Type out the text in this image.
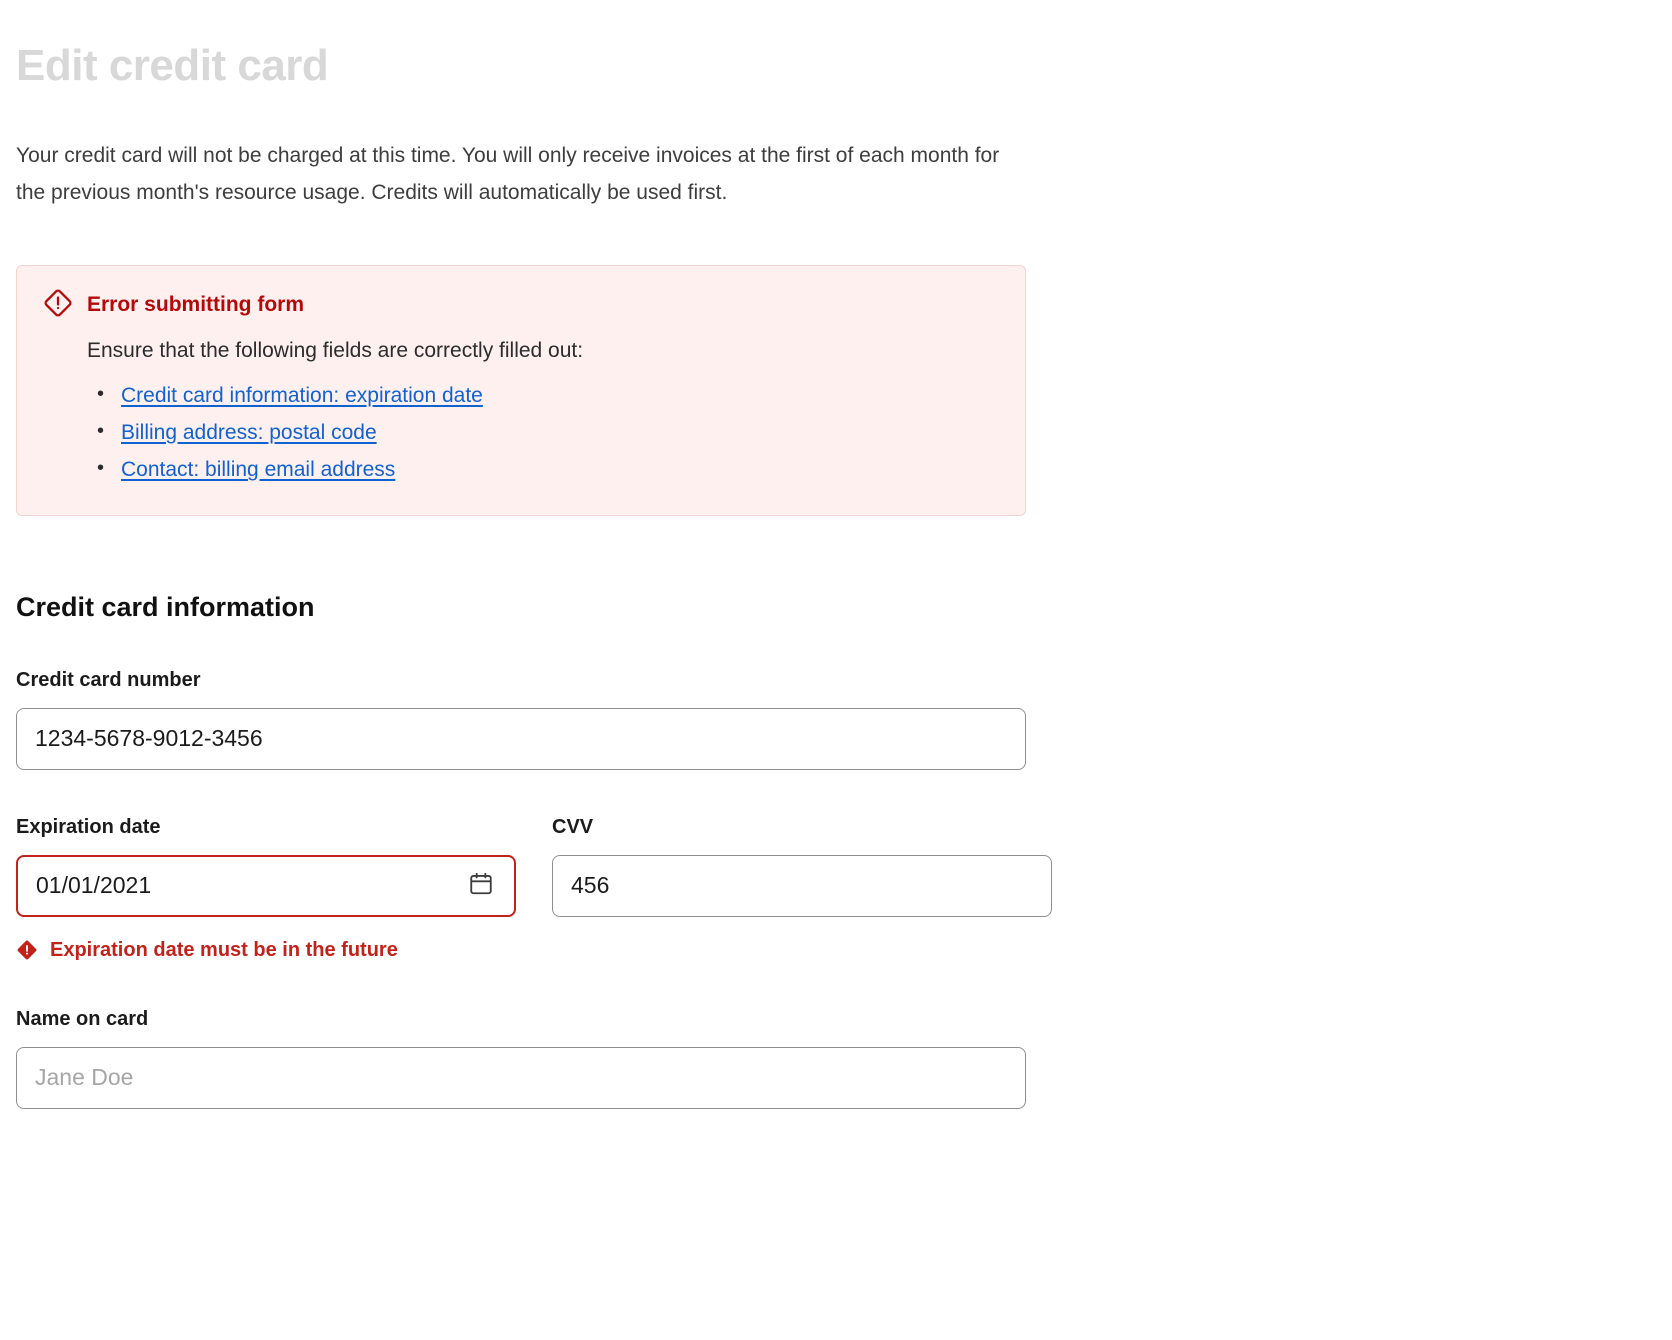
Edit credit card
Your credit card will not be charged at this time. You will only receive invoices at the first of each month for the previous month's resource usage. Credits will automatically be used first.
Error submitting form
Ensure that the following fields are correctly filled out:
• Credit card information: expiration date
• Billing address: postal code
• Contact: billing email address
Credit card information
Credit card number
1234-5678-9012-3456
Expiration date
01/01/2021
Expiration date must be in the future
CVV
456
Name on card
Jane Doe
